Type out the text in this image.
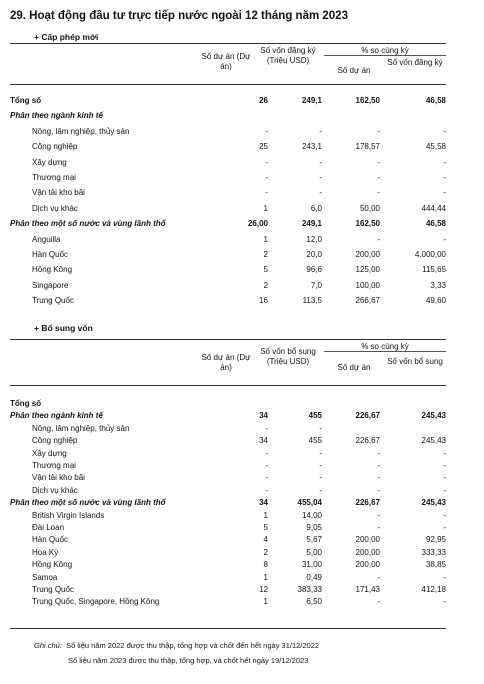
29. Hoạt động đầu tư trực tiếp nước ngoài 12 tháng năm 2023
+ Cấp phép mới
Số dự án (Dự án)
Số vốn đăng ký (Triệu USD)
% so cùng kỳ
Số dự án
Số vốn đăng ký
Tổng số	26	249,1	162,50	46,58
Phân theo ngành kinh tế
Nông, lâm nghiệp, thủy sản	-	-	-	-
Công nghiệp	25	243,1	178,57	45,58
Xây dựng	-	-	-	-
Thương mại	-	-	-	-
Vận tải kho bãi	-	-	-	-
Dịch vụ khác	1	6,0	50,00	444,44
Phân theo một số nước và vùng lãnh thổ	26,00	249,1	162,50	46,58
Anguilla	1	12,0	-	-
Hàn Quốc	2	20,0	200,00	4.000,00
Hồng Kông	5	96,6	125,00	115,65
Singapore	2	7,0	100,00	3,33
Trung Quốc	16	113,5	266,67	49,60
+ Bổ sung vốn
Số dự án (Dự án)
Số vốn bổ sung (Triệu USD)
% so cùng kỳ
Số dự án
Số vốn bổ sung
Tổng số
Phân theo ngành kinh tế	34	455	226,67	245,43
Nông, lâm nghiệp, thủy sản	-	-
Công nghiệp	34	455	226,67	245,43
Xây dựng	-	-	-	-
Thương mại	-	-	-	-
Vận tải kho bãi	-	-	-	-
Dịch vụ khác	-	-	-	-
Phân theo một số nước và vùng lãnh thổ	34	455,04	226,67	245,43
British Virgin Islands	1	14,00	-	-
Đài Loan	5	9,05	-	-
Hàn Quốc	4	5,67	200,00	92,95
Hoa Kỳ	2	5,00	200,00	333,33
Hồng Kông	8	31,00	200,00	38,85
Samoa	1	0,49	-	-
Trung Quốc	12	383,33	171,43	412,18
Trung Quốc, Singapore, Hồng Kông	1	6,50	-	-
Ghi chú: Số liệu năm 2022 được thu thập, tổng hợp và chốt đến hết ngày 31/12/2022
Số liệu năm 2023 được thu thập, tổng hợp, và chốt hết ngày 19/12/2023
